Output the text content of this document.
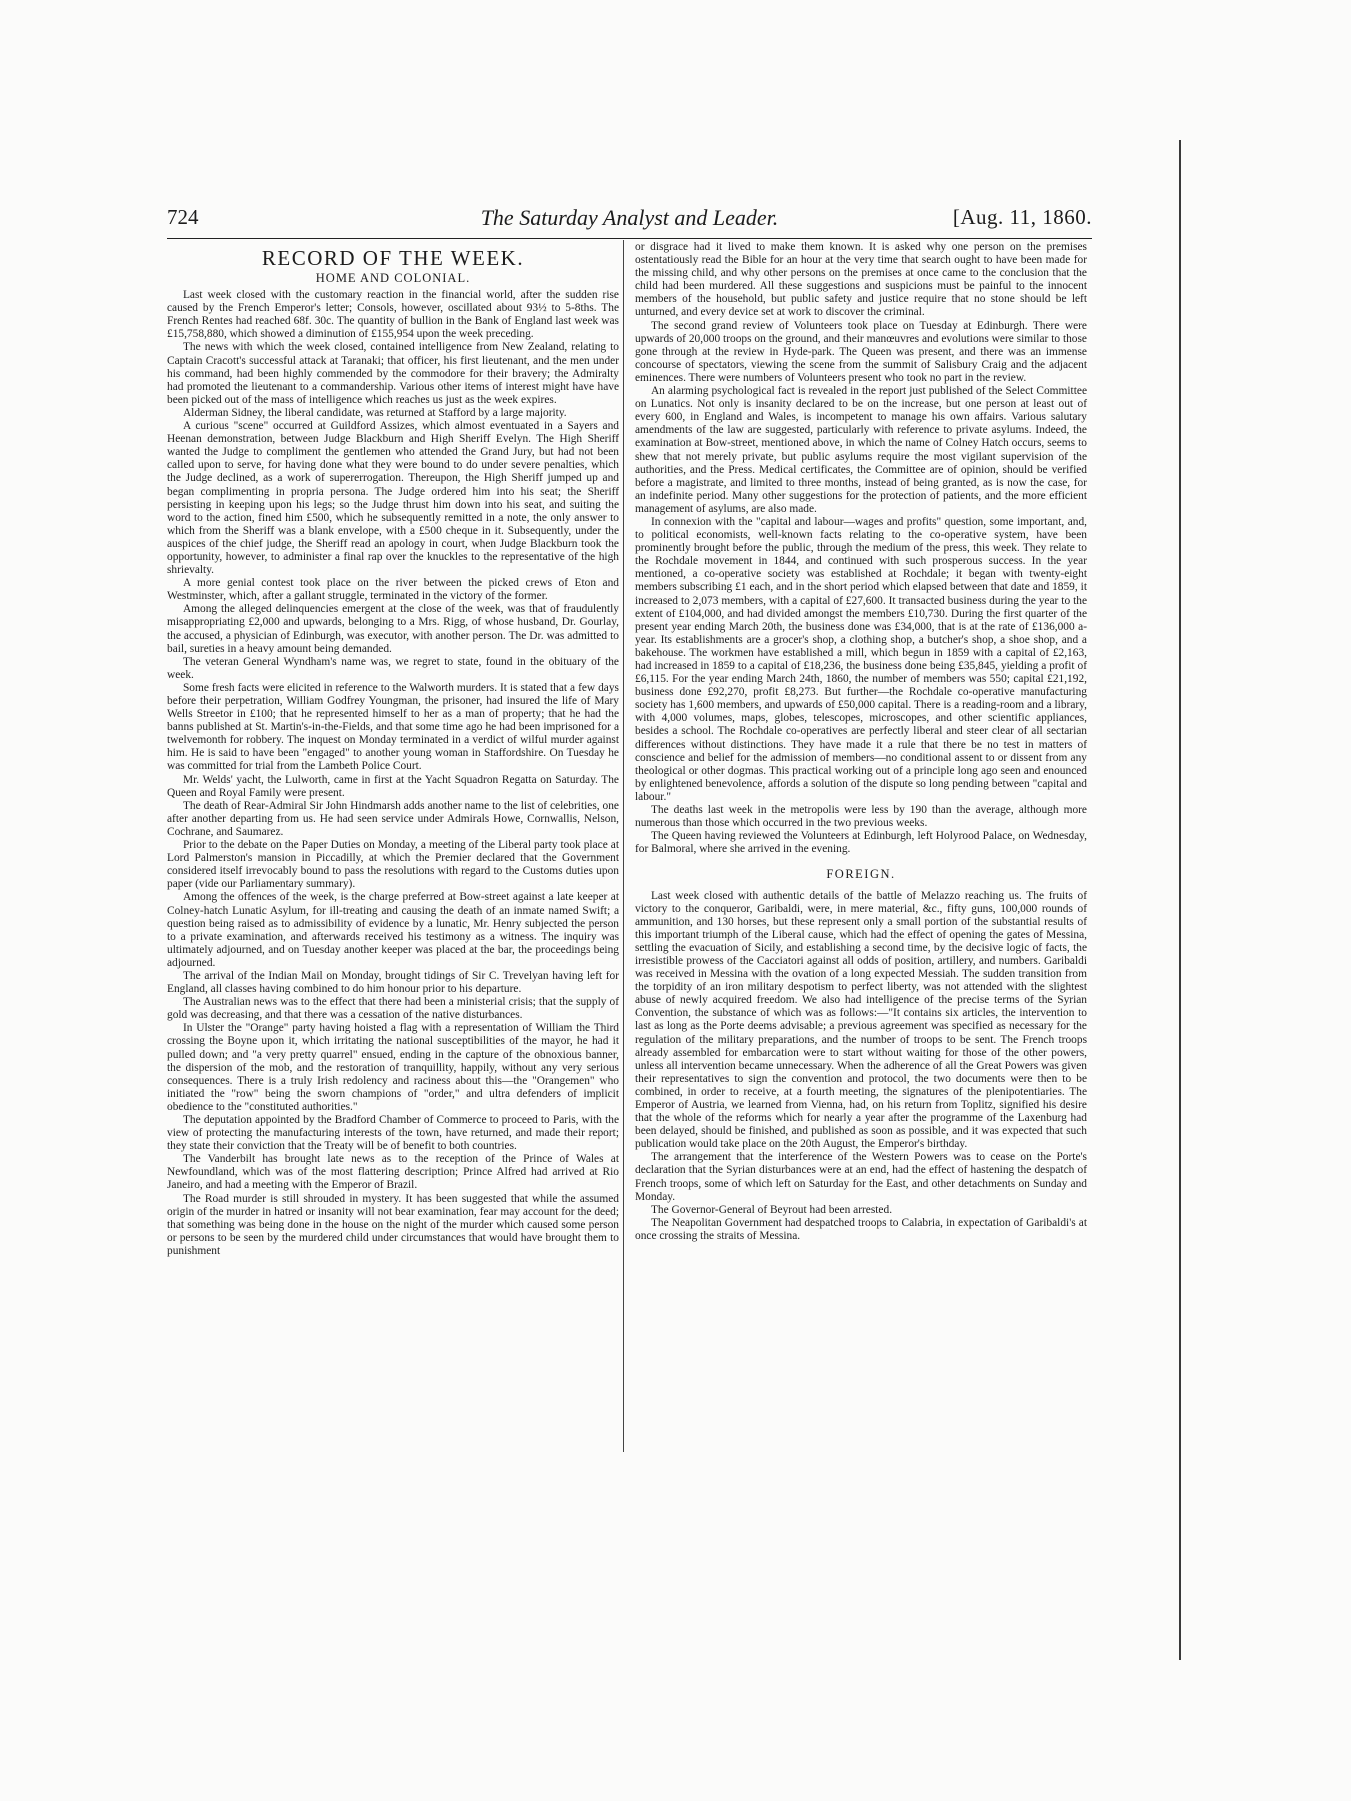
724	The Saturday Analyst and Leader.	[Aug. 11, 1860.
RECORD OF THE WEEK.
HOME AND COLONIAL.

Last week closed with the customary reaction in the financial world, after the sudden rise caused by the French Emperor's letter; Consols, however, oscillated about 93½ to 5-8ths. The French Rentes had reached 68f. 30c. The quantity of bullion in the Bank of England last week was £15,758,880, which showed a diminution of £155,954 upon the week preceding.

The news with which the week closed, contained intelligence from New Zealand, relating to Captain Cracott's successful attack at Taranaki; that officer, his first lieutenant, and the men under his command, had been highly commended by the commodore for their bravery; the Admiralty had promoted the lieutenant to a commandership. Various other items of interest might have have been picked out of the mass of intelligence which reaches us just as the week expires.

Alderman Sidney, the liberal candidate, was returned at Stafford by a large majority.

A curious "scene" occurred at Guildford Assizes, which almost eventuated in a Sayers and Heenan demonstration, between Judge Blackburn and High Sheriff Evelyn. The High Sheriff wanted the Judge to compliment the gentlemen who attended the Grand Jury, but had not been called upon to serve, for having done what they were bound to do under severe penalties, which the Judge declined, as a work of supererrogation. Thereupon, the High Sheriff jumped up and began complimenting in propria persona. The Judge ordered him into his seat; the Sheriff persisting in keeping upon his legs; so the Judge thrust him down into his seat, and suiting the word to the action, fined him £500, which he subsequently remitted in a note, the only answer to which from the Sheriff was a blank envelope, with a £500 cheque in it. Subsequently, under the auspices of the chief judge, the Sheriff read an apology in court, when Judge Blackburn took the opportunity, however, to administer a final rap over the knuckles to the representative of the high shrievalty.

A more genial contest took place on the river between the picked crews of Eton and Westminster, which, after a gallant struggle, terminated in the victory of the former.

Among the alleged delinquencies emergent at the close of the week, was that of fraudulently misappropriating £2,000 and upwards, belonging to a Mrs. Rigg, of whose husband, Dr. Gourlay, the accused, a physician of Edinburgh, was executor, with another person. The Dr. was admitted to bail, sureties in a heavy amount being demanded.

The veteran General Wyndham's name was, we regret to state, found in the obituary of the week.

Some fresh facts were elicited in reference to the Walworth murders. It is stated that a few days before their perpetration, William Godfrey Youngman, the prisoner, had insured the life of Mary Wells Streetor in £100; that he represented himself to her as a man of property; that he had the banns published at St. Martin's-in-the-Fields, and that some time ago he had been imprisoned for a twelvemonth for robbery. The inquest on Monday terminated in a verdict of wilful murder against him. He is said to have been "engaged" to another young woman in Staffordshire. On Tuesday he was committed for trial from the Lambeth Police Court.

Mr. Welds' yacht, the Lulworth, came in first at the Yacht Squadron Regatta on Saturday. The Queen and Royal Family were present.

The death of Rear-Admiral Sir John Hindmarsh adds another name to the list of celebrities, one after another departing from us. He had seen service under Admirals Howe, Cornwallis, Nelson, Cochrane, and Saumarez.

Prior to the debate on the Paper Duties on Monday, a meeting of the Liberal party took place at Lord Palmerston's mansion in Piccadilly, at which the Premier declared that the Government considered itself irrevocably bound to pass the resolutions with regard to the Customs duties upon paper (vide our Parliamentary summary).

Among the offences of the week, is the charge preferred at Bow-street against a late keeper at Colney-hatch Lunatic Asylum, for ill-treating and causing the death of an inmate named Swift; a question being raised as to admissibility of evidence by a lunatic, Mr. Henry subjected the person to a private examination, and afterwards received his testimony as a witness. The inquiry was ultimately adjourned, and on Tuesday another keeper was placed at the bar, the proceedings being adjourned.

The arrival of the Indian Mail on Monday, brought tidings of Sir C. Trevelyan having left for England, all classes having combined to do him honour prior to his departure.

The Australian news was to the effect that there had been a ministerial crisis; that the supply of gold was decreasing, and that there was a cessation of the native disturbances.

In Ulster the "Orange" party having hoisted a flag with a representation of William the Third crossing the Boyne upon it, which irritating the national susceptibilities of the mayor, he had it pulled down; and "a very pretty quarrel" ensued, ending in the capture of the obnoxious banner, the dispersion of the mob, and the restoration of tranquillity, happily, without any very serious consequences. There is a truly Irish redolency and raciness about this—the "Orangemen" who initiated the "row" being the sworn champions of "order," and ultra defenders of implicit obedience to the "constituted authorities."

The deputation appointed by the Bradford Chamber of Commerce to proceed to Paris, with the view of protecting the manufacturing interests of the town, have returned, and made their report; they state their conviction that the Treaty will be of benefit to both countries.

The Vanderbilt has brought late news as to the reception of the Prince of Wales at Newfoundland, which was of the most flattering description; Prince Alfred had arrived at Rio Janeiro, and had a meeting with the Emperor of Brazil.

The Road murder is still shrouded in mystery. It has been suggested that while the assumed origin of the murder in hatred or insanity will not bear examination, fear may account for the deed; that something was being done in the house on the night of the murder which caused some person or persons to be seen by the murdered child under circumstances that would have brought them to punishment

or disgrace had it lived to make them known. It is asked why one person on the premises ostentatiously read the Bible for an hour at the very time that search ought to have been made for the missing child, and why other persons on the premises at once came to the conclusion that the child had been murdered. All these suggestions and suspicions must be painful to the innocent members of the household, but public safety and justice require that no stone should be left unturned, and every device set at work to discover the criminal.

The second grand review of Volunteers took place on Tuesday at Edinburgh. There were upwards of 20,000 troops on the ground, and their manœuvres and evolutions were similar to those gone through at the review in Hyde-park. The Queen was present, and there was an immense concourse of spectators, viewing the scene from the summit of Salisbury Craig and the adjacent eminences. There were numbers of Volunteers present who took no part in the review.

An alarming psychological fact is revealed in the report just published of the Select Committee on Lunatics. Not only is insanity declared to be on the increase, but one person at least out of every 600, in England and Wales, is incompetent to manage his own affairs. Various salutary amendments of the law are suggested, particularly with reference to private asylums. Indeed, the examination at Bow-street, mentioned above, in which the name of Colney Hatch occurs, seems to shew that not merely private, but public asylums require the most vigilant supervision of the authorities, and the Press. Medical certificates, the Committee are of opinion, should be verified before a magistrate, and limited to three months, instead of being granted, as is now the case, for an indefinite period. Many other suggestions for the protection of patients, and the more efficient management of asylums, are also made.

In connexion with the "capital and labour—wages and profits" question, some important, and, to political economists, well-known facts relating to the co-operative system, have been prominently brought before the public, through the medium of the press, this week. They relate to the Rochdale movement in 1844, and continued with such prosperous success. In the year mentioned, a co-operative society was established at Rochdale; it began with twenty-eight members subscribing £1 each, and in the short period which elapsed between that date and 1859, it increased to 2,073 members, with a capital of £27,600. It transacted business during the year to the extent of £104,000, and had divided amongst the members £10,730. During the first quarter of the present year ending March 20th, the business done was £34,000, that is at the rate of £136,000 a-year. Its establishments are a grocer's shop, a clothing shop, a butcher's shop, a shoe shop, and a bakehouse. The workmen have established a mill, which begun in 1859 with a capital of £2,163, had increased in 1859 to a capital of £18,236, the business done being £35,845, yielding a profit of £6,115. For the year ending March 24th, 1860, the number of members was 550; capital £21,192, business done £92,270, profit £8,273. But further—the Rochdale co-operative manufacturing society has 1,600 members, and upwards of £50,000 capital. There is a reading-room and a library, with 4,000 volumes, maps, globes, telescopes, microscopes, and other scientific appliances, besides a school. The Rochdale co-operatives are perfectly liberal and steer clear of all sectarian differences without distinctions. They have made it a rule that there be no test in matters of conscience and belief for the admission of members—no conditional assent to or dissent from any theological or other dogmas. This practical working out of a principle long ago seen and enounced by enlightened benevolence, affords a solution of the dispute so long pending between "capital and labour."

The deaths last week in the metropolis were less by 190 than the average, although more numerous than those which occurred in the two previous weeks.

The Queen having reviewed the Volunteers at Edinburgh, left Holyrood Palace, on Wednesday, for Balmoral, where she arrived in the evening.

FOREIGN.

Last week closed with authentic details of the battle of Melazzo reaching us. The fruits of victory to the conqueror, Garibaldi, were, in mere material, &c., fifty guns, 100,000 rounds of ammunition, and 130 horses, but these represent only a small portion of the substantial results of this important triumph of the Liberal cause, which had the effect of opening the gates of Messina, settling the evacuation of Sicily, and establishing a second time, by the decisive logic of facts, the irresistible prowess of the Cacciatori against all odds of position, artillery, and numbers. Garibaldi was received in Messina with the ovation of a long expected Messiah. The sudden transition from the torpidity of an iron military despotism to perfect liberty, was not attended with the slightest abuse of newly acquired freedom. We also had intelligence of the precise terms of the Syrian Convention, the substance of which was as follows:—"It contains six articles, the intervention to last as long as the Porte deems advisable; a previous agreement was specified as necessary for the regulation of the military preparations, and the number of troops to be sent. The French troops already assembled for embarcation were to start without waiting for those of the other powers, unless all intervention became unnecessary. When the adherence of all the Great Powers was given their representatives to sign the convention and protocol, the two documents were then to be combined, in order to receive, at a fourth meeting, the signatures of the plenipotentiaries. The Emperor of Austria, we learned from Vienna, had, on his return from Toplitz, signified his desire that the whole of the reforms which for nearly a year after the programme of the Laxenburg had been delayed, should be finished, and published as soon as possible, and it was expected that such publication would take place on the 20th August, the Emperor's birthday.

The arrangement that the interference of the Western Powers was to cease on the Porte's declaration that the Syrian disturbances were at an end, had the effect of hastening the despatch of French troops, some of which left on Saturday for the East, and other detachments on Sunday and Monday.

The Governor-General of Beyrout had been arrested.

The Neapolitan Government had despatched troops to Calabria, in expectation of Garibaldi's at once crossing the straits of Messina.
